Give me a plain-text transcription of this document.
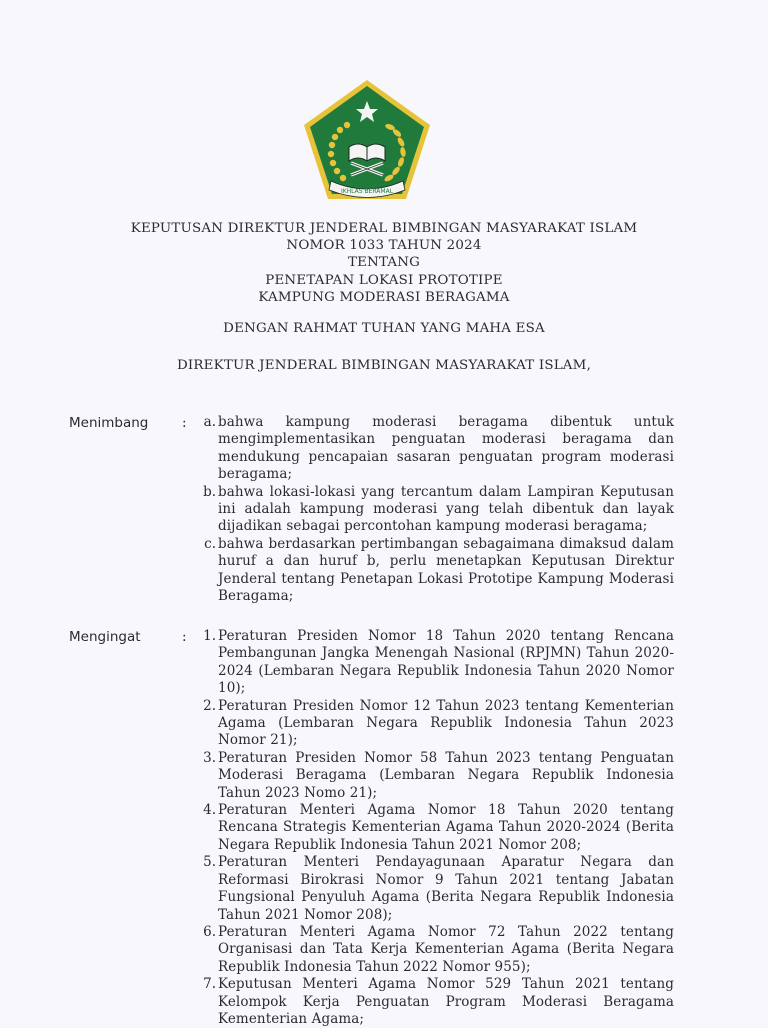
IKHLAS BERAMAL
KEPUTUSAN DIREKTUR JENDERAL BIMBINGAN MASYARAKAT ISLAM
NOMOR 1033 TAHUN 2024
TENTANG
PENETAPAN LOKASI PROTOTIPE
KAMPUNG MODERASI BERAGAMA
DENGAN RAHMAT TUHAN YANG MAHA ESA
DIREKTUR JENDERAL BIMBINGAN MASYARAKAT ISLAM,
Menimbang :	a. bahwa kampung moderasi beragama dibentuk untuk mengimplementasikan penguatan moderasi beragama dan mendukung pencapaian sasaran penguatan program moderasi beragama;
b. bahwa lokasi-lokasi yang tercantum dalam Lampiran Keputusan ini adalah kampung moderasi yang telah dibentuk dan layak dijadikan sebagai percontohan kampung moderasi beragama;
c. bahwa berdasarkan pertimbangan sebagaimana dimaksud dalam huruf a dan huruf b, perlu menetapkan Keputusan Direktur Jenderal tentang Penetapan Lokasi Prototipe Kampung Moderasi Beragama;
Mengingat	:	1. Peraturan Presiden Nomor 18 Tahun 2020 tentang Rencana Pembangunan Jangka Menengah Nasional (RPJMN) Tahun 2020-2024 (Lembaran Negara Republik Indonesia Tahun 2020 Nomor 10);
2. Peraturan Presiden Nomor 12 Tahun 2023 tentang Kementerian Agama (Lembaran Negara Republik Indonesia Tahun 2023 Nomor 21);
3. Peraturan Presiden Nomor 58 Tahun 2023 tentang Penguatan Moderasi Beragama (Lembaran Negara Republik Indonesia Tahun 2023 Nomo 21);
4. Peraturan Menteri Agama Nomor 18 Tahun 2020 tentang Rencana Strategis Kementerian Agama Tahun 2020-2024 (Berita Negara Republik Indonesia Tahun 2021 Nomor 208;
5. Peraturan Menteri Pendayagunaan Aparatur Negara dan Reformasi Birokrasi Nomor 9 Tahun 2021 tentang Jabatan Fungsional Penyuluh Agama (Berita Negara Republik Indonesia Tahun 2021 Nomor 208);
6. Peraturan Menteri Agama Nomor 72 Tahun 2022 tentang Organisasi dan Tata Kerja Kementerian Agama (Berita Negara Republik Indonesia Tahun 2022 Nomor 955);
7. Keputusan Menteri Agama Nomor 529 Tahun 2021 tentang Kelompok Kerja Penguatan Program Moderasi Beragama Kementerian Agama;
